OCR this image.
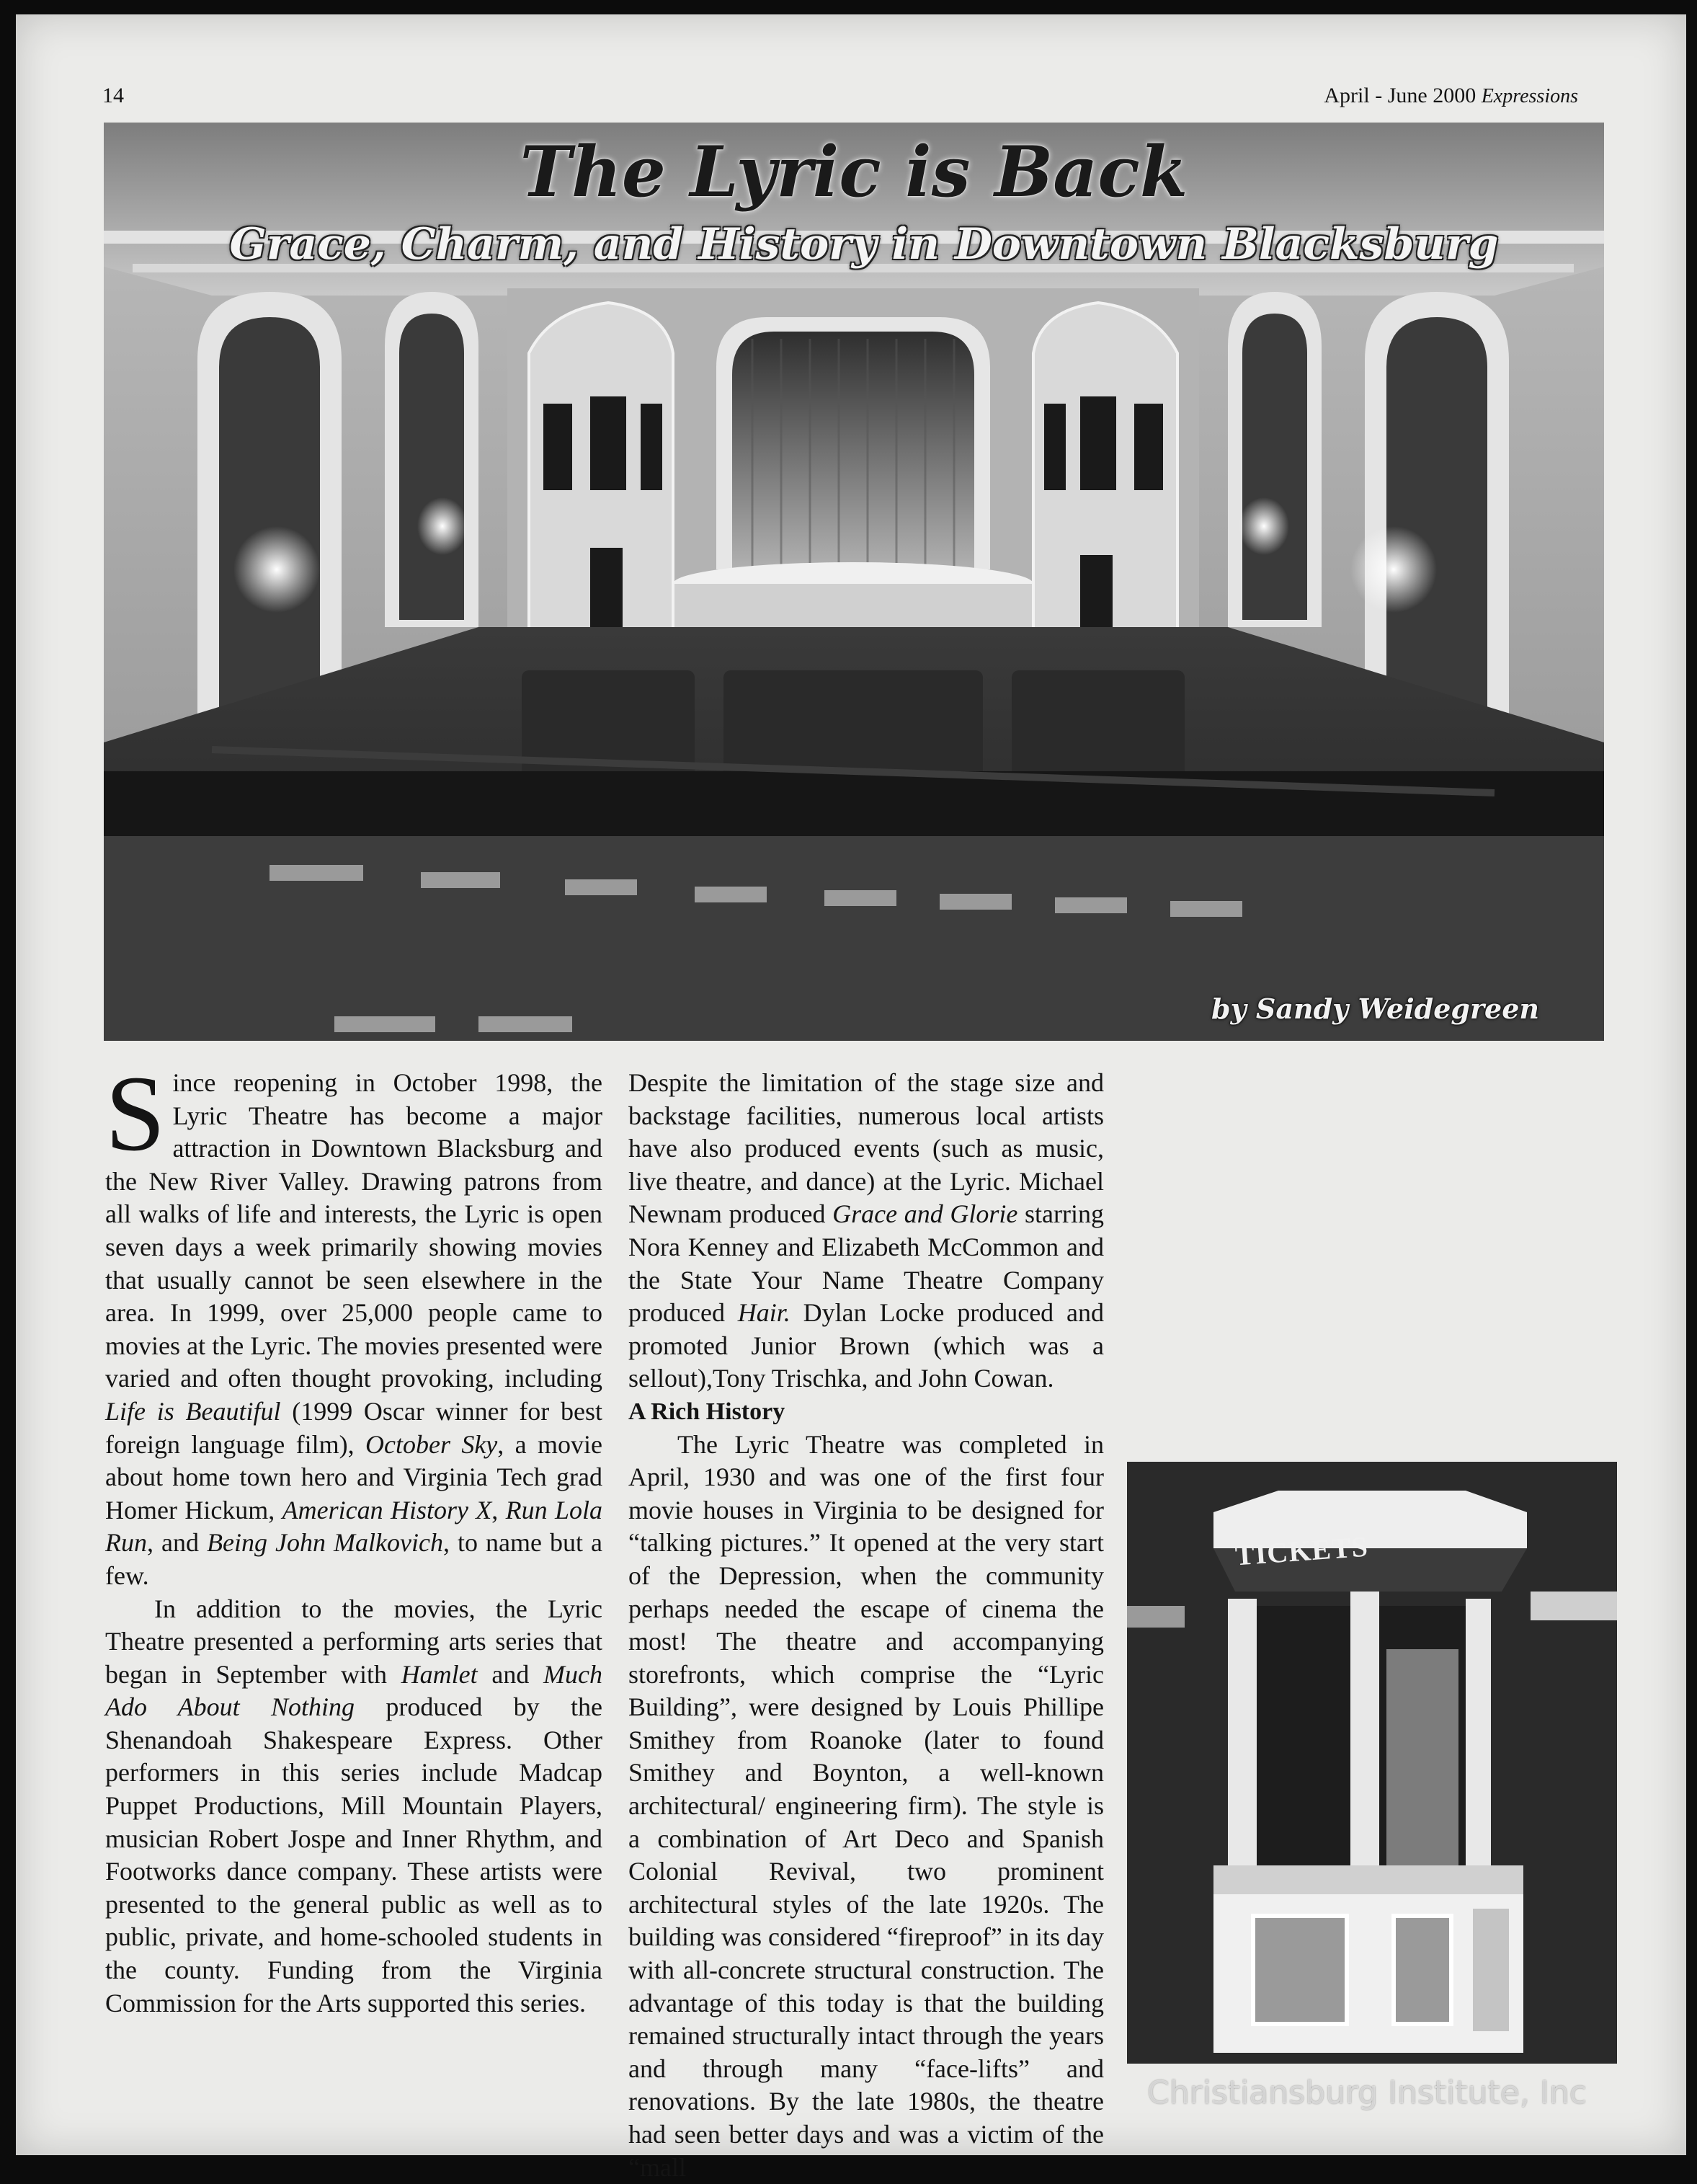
14	April - June 2000 Expressions
The Lyric is Back
Grace, Charm, and History in Downtown Blacksburg
by Sandy Weidegreen

Since reopening in October 1998, the Lyric Theatre has become a major attraction in Downtown Blacksburg and the New River Valley. Drawing patrons from all walks of life and interests, the Lyric is open seven days a week primarily showing movies that usually cannot be seen elsewhere in the area. In 1999, over 25,000 people came to movies at the Lyric. The movies presented were varied and often thought provoking, including Life is Beautiful (1999 Oscar winner for best foreign language film), October Sky, a movie about home town hero and Virginia Tech grad Homer Hickum, American History X, Run Lola Run, and Being John Malkovich, to name but a few.

In addition to the movies, the Lyric Theatre presented a performing arts series that began in September with Hamlet and Much Ado About Nothing produced by the Shenandoah Shakespeare Express. Other performers in this series include Madcap Puppet Productions, Mill Mountain Players, musician Robert Jospe and Inner Rhythm, and Footworks dance company. These artists were presented to the general public as well as to public, private, and home-schooled students in the county. Funding from the Virginia Commission for the Arts supported this series.

Despite the limitation of the stage size and backstage facilities, numerous local artists have also produced events (such as music, live theatre, and dance) at the Lyric. Michael Newnam produced Grace and Glorie starring Nora Kenney and Elizabeth McCommon and the State Your Name Theatre Company produced Hair. Dylan Locke produced and promoted Junior Brown (which was a sellout),Tony Trischka, and John Cowan.

A Rich History

The Lyric Theatre was completed in April, 1930 and was one of the first four movie houses in Virginia to be designed for “talking pictures.” It opened at the very start of the Depression, when the community perhaps needed the escape of cinema the most! The theatre and accompanying storefronts, which comprise the “Lyric Building”, were designed by Louis Phillipe Smithey from Roanoke (later to found Smithey and Boynton, a well-known architectural/ engineering firm). The style is a combination of Art Deco and Spanish Colonial Revival, two prominent architectural styles of the late 1920s. The building was considered “fireproof” in its day with all-concrete structural construction. The advantage of this today is that the building remained structurally intact through the years and through many “face-lifts” and renovations. By the late 1980s, the theatre had seen better days and was a victim of the “mall

TICKETS
Christiansburg Institute, Inc
